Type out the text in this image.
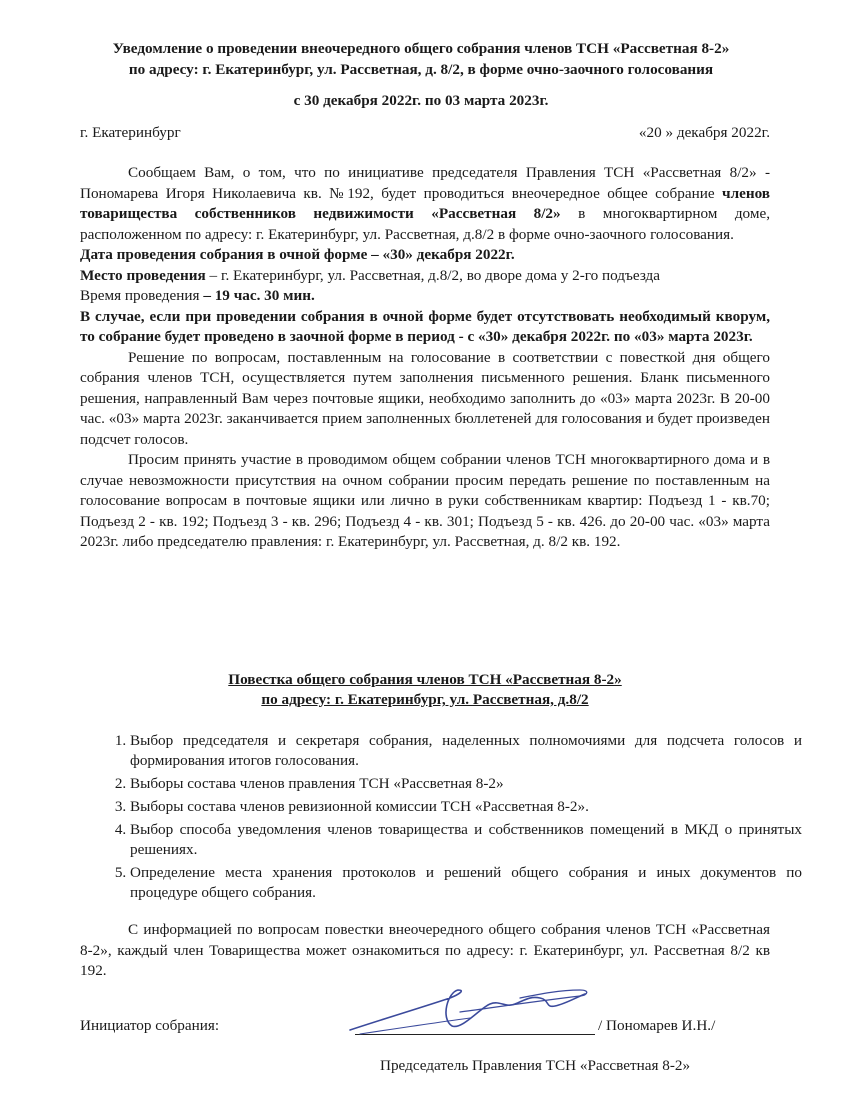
Уведомление о проведении внеочередного общего собрания членов ТСН «Рассветная 8-2»
по адресу: г. Екатеринбург, ул. Рассветная, д. 8/2, в форме очно-заочного голосования
с 30 декабря 2022г. по 03 марта 2023г.
г. Екатеринбург	«20 » декабря 2022г.

Сообщаем Вам, о том, что по инициативе председателя Правления ТСН «Рассветная 8/2» - Пономарева Игоря Николаевича кв. №192, будет проводиться внеочередное общее собрание членов товарищества собственников недвижимости «Рассветная 8/2» в многоквартирном доме, расположенном по адресу: г. Екатеринбург, ул. Рассветная, д.8/2 в форме очно-заочного голосования.

Дата проведения собрания в очной форме – «30» декабря 2022г.

Место проведения – г. Екатеринбург, ул. Рассветная, д.8/2, во дворе дома у 2-го подъезда

Время проведения – 19 час. 30 мин.

В случае, если при проведении собрания в очной форме будет отсутствовать необходимый кворум, то собрание будет проведено в заочной форме в период - с «30» декабря 2022г. по «03» марта 2023г.

Решение по вопросам, поставленным на голосование в соответствии с повесткой дня общего собрания членов ТСН, осуществляется путем заполнения письменного решения. Бланк письменного решения, направленный Вам через почтовые ящики, необходимо заполнить до «03» марта 2023г. В 20-00 час. «03» марта 2023г. заканчивается прием заполненных бюллетеней для голосования и будет произведен подсчет голосов.

Просим принять участие в проводимом общем собрании членов ТСН многоквартирного дома и в случае невозможности присутствия на очном собрании просим передать решение по поставленным на голосование вопросам в почтовые ящики или лично в руки собственникам квартир: Подъезд 1 - кв.70; Подъезд 2 - кв. 192; Подъезд 3 - кв. 296; Подъезд 4 - кв. 301; Подъезд 5 - кв. 426. до 20-00 час. «03» марта 2023г. либо председателю правления: г. Екатеринбург, ул. Рассветная, д. 8/2 кв. 192.

Повестка общего собрания членов ТСН «Рассветная 8-2»
по адресу: г. Екатеринбург, ул. Рассветная, д.8/2
1. Выбор председателя и секретаря собрания, наделенных полномочиями для подсчета голосов и формирования итогов голосования.
2. Выборы состава членов правления ТСН «Рассветная 8-2»
3. Выборы состава членов ревизионной комиссии ТСН «Рассветная 8-2».
4. Выбор способа уведомления членов товарищества и собственников помещений в МКД о принятых решениях.
5. Определение места хранения протоколов и решений общего собрания и иных документов по процедуре общего собрания.

С информацией по вопросам повестки внеочередного общего собрания членов ТСН «Рассветная 8-2», каждый член Товарищества может ознакомиться по адресу: г. Екатеринбург, ул. Рассветная 8/2 кв 192.

Инициатор собрания:	/ Пономарев И.Н./
Председатель Правления ТСН «Рассветная 8-2»
